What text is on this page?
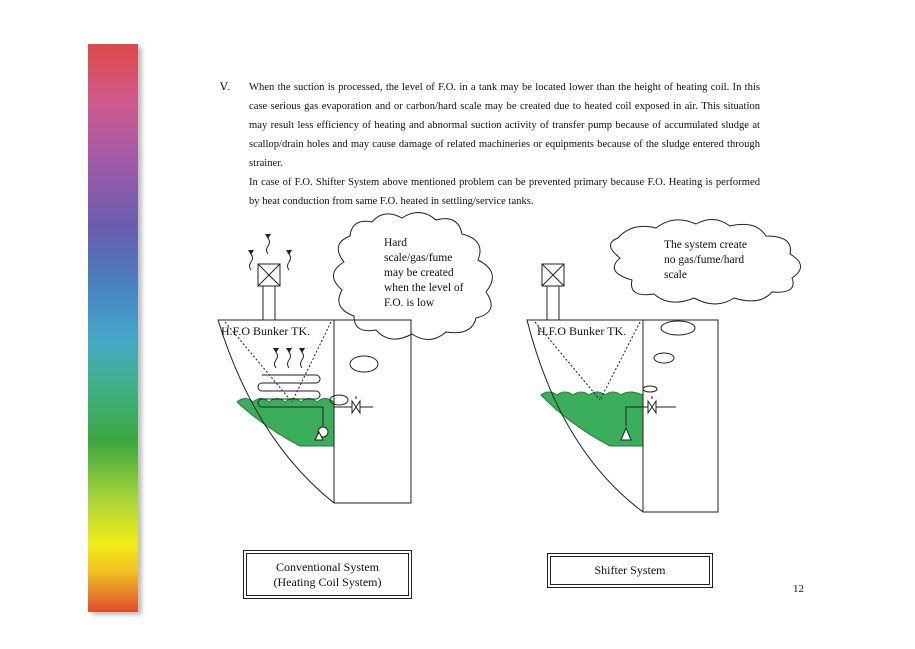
Ⅴ. When the suction is processed, the level of F.O. in a tank may be located lower than the height of heating coil. In this case serious gas evaporation and or carbon/hard scale may be created due to heated coil exposed in air. This situation may result less efficiency of heating and abnormal suction activity of transfer pump because of accumulated sludge at scallop/drain holes and may cause damage of related machineries or equipments because of the sludge entered through strainer.
In case of F.O. Shifter System above mentioned problem can be prevented primary because F.O. Heating is performed by heat conduction from same F.O. heated in settling/service tanks.
H.F.O Bunker TK.	H.F.O Bunker TK.
Hard
scale/gas/fume
may be created
when the level of
F.O. is low
The system create
no gas/fume/hard
scale
Conventional System
(Heating Coil System)
Shifter System
12
